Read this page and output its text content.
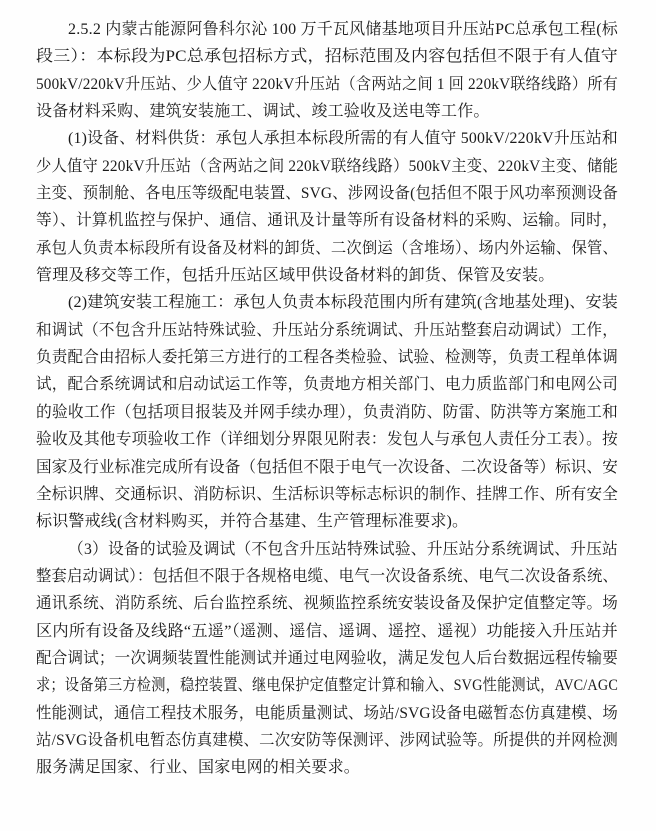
2.5.2 内蒙古能源阿鲁科尔沁 100 万千瓦风储基地项目升压站PC总承包工程(标
段三）：本标段为PC总承包招标方式，招标范围及内容包括但不限于有人值守
500kV/220kV升压站、少人值守 220kV升压站（含两站之间 1 回 220kV联络线路）所有
设备材料采购、建筑安装施工、调试、竣工验收及送电等工作。

(1)设备、材料供货：承包人承担本标段所需的有人值守 500kV/220kV升压站和
少人值守 220kV升压站（含两站之间 220kV联络线路）500kV主变、220kV主变、储能
主变、预制舱、各电压等级配电装置、SVG、涉网设备(包括但不限于风功率预测设备
等）、计算机监控与保护、通信、通讯及计量等所有设备材料的采购、运输。同时，
承包人负责本标段所有设备及材料的卸货、二次倒运（含堆场）、场内外运输、保管、
管理及移交等工作，包括升压站区域甲供设备材料的卸货、保管及安装。

(2)建筑安装工程施工：承包人负责本标段范围内所有建筑(含地基处理)、安装
和调试（不包含升压站特殊试验、升压站分系统调试、升压站整套启动调试）工作，
负责配合由招标人委托第三方进行的工程各类检验、试验、检测等，负责工程单体调
试，配合系统调试和启动试运工作等，负责地方相关部门、电力质监部门和电网公司
的验收工作（包括项目报装及并网手续办理），负责消防、防雷、防洪等方案施工和
验收及其他专项验收工作（详细划分界限见附表：发包人与承包人责任分工表）。按
国家及行业标准完成所有设备（包括但不限于电气一次设备、二次设备等）标识、安
全标识牌、交通标识、消防标识、生活标识等标志标识的制作、挂牌工作、所有安全
标识警戒线(含材料购买，并符合基建、生产管理标准要求)。

（3）设备的试验及调试（不包含升压站特殊试验、升压站分系统调试、升压站
整套启动调试）：包括但不限于各规格电缆、电气一次设备系统、电气二次设备系统、
通讯系统、消防系统、后台监控系统、视频监控系统安装设备及保护定值整定等。场
区内所有设备及线路“五遥”（遥测、遥信、遥调、遥控、遥视）功能接入升压站并
配合调试；一次调频装置性能测试并通过电网验收，满足发包人后台数据远程传输要
求；设备第三方检测，稳控装置、继电保护定值整定计算和输入、SVG性能测试，AVC/AGC
性能测试，通信工程技术服务，电能质量测试、场站/SVG设备电磁暂态仿真建模、场
站/SVG设备机电暂态仿真建模、二次安防等保测评、涉网试验等。所提供的并网检测
服务满足国家、行业、国家电网的相关要求。
